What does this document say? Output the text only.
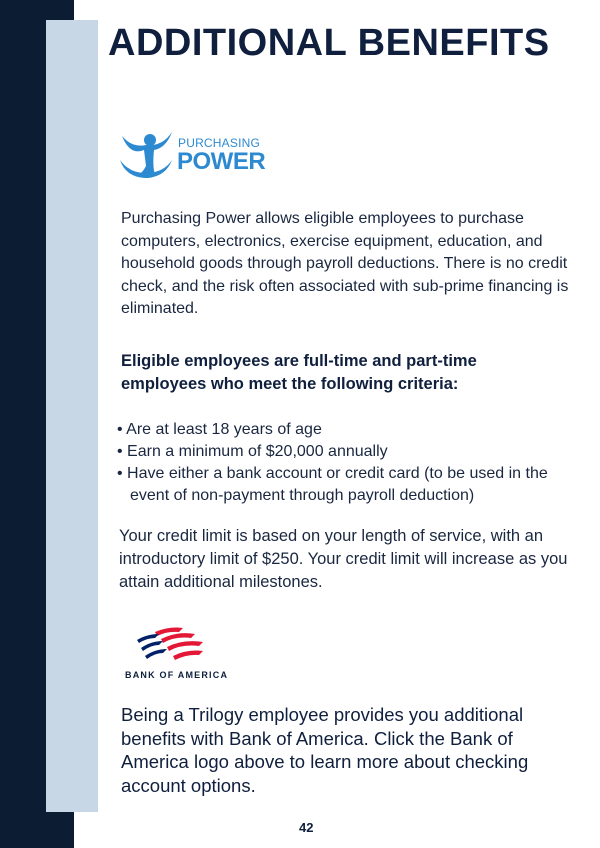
ADDITIONAL BENEFITS
PURCHASING
POWER
Purchasing Power allows eligible employees to purchase computers, electronics, exercise equipment, education, and household goods through payroll deductions. There is no credit check, and the risk often associated with sub-prime financing is eliminated.
Eligible employees are full-time and part-time employees who meet the following criteria:
• Are at least 18 years of age
• Earn a minimum of $20,000 annually
• Have either a bank account or credit card (to be used in the event of non-payment through payroll deduction)
Your credit limit is based on your length of service, with an introductory limit of $250. Your credit limit will increase as you attain additional milestones.
BANK OF AMERICA
Being a Trilogy employee provides you additional benefits with Bank of America. Click the Bank of America logo above to learn more about checking account options.
42
